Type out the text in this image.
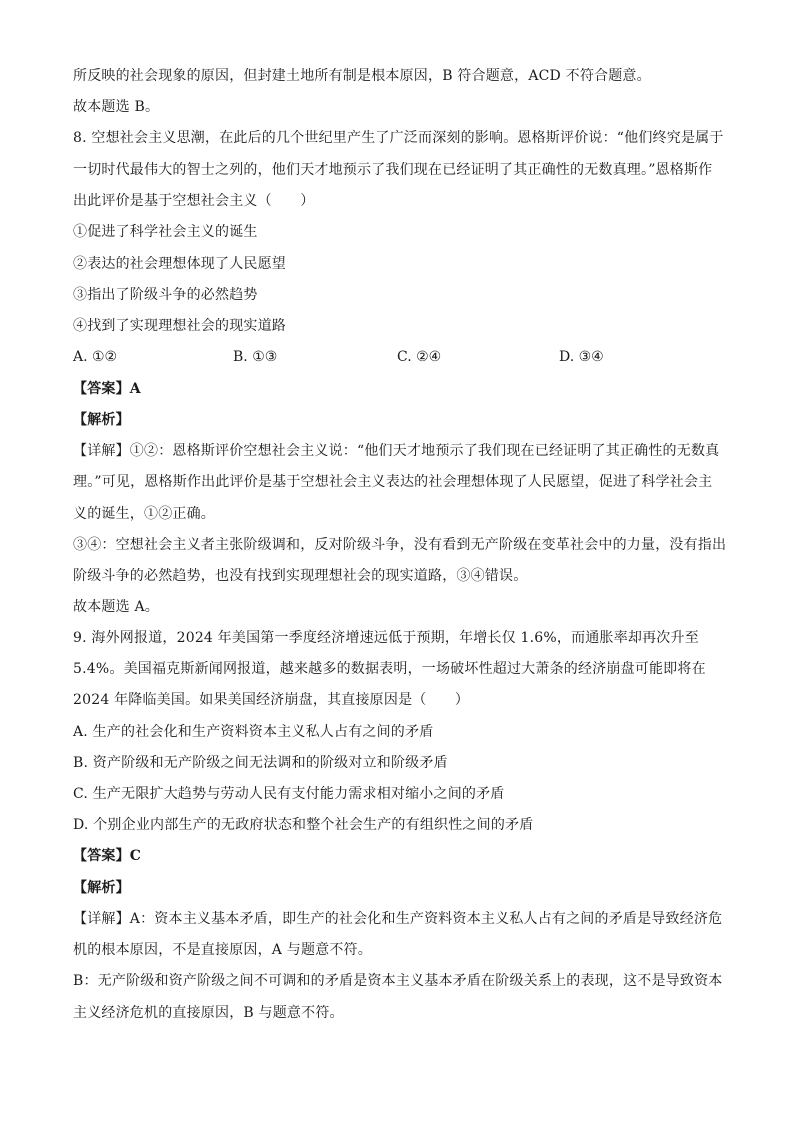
所反映的社会现象的原因，但封建土地所有制是根本原因，B 符合题意，ACD 不符合题意。
故本题选 B。
8. 空想社会主义思潮，在此后的几个世纪里产生了广泛而深刻的影响。恩格斯评价说：“他们终究是属于
一切时代最伟大的智士之列的，他们天才地预示了我们现在已经证明了其正确性的无数真理。”恩格斯作
出此评价是基于空想社会主义（　　）
①促进了科学社会主义的诞生
②表达的社会理想体现了人民愿望
③指出了阶级斗争的必然趋势
④找到了实现理想社会的现实道路
A. ①②	B. ①③	C. ②④	D. ③④
【答案】A
【解析】
【详解】①②：恩格斯评价空想社会主义说：“他们天才地预示了我们现在已经证明了其正确性的无数真
理。”可见，恩格斯作出此评价是基于空想社会主义表达的社会理想体现了人民愿望，促进了科学社会主
义的诞生，①②正确。
③④：空想社会主义者主张阶级调和，反对阶级斗争，没有看到无产阶级在变革社会中的力量，没有指出
阶级斗争的必然趋势，也没有找到实现理想社会的现实道路，③④错误。
故本题选 A。
9. 海外网报道，2024 年美国第一季度经济增速远低于预期，年增长仅 1.6%，而通胀率却再次升至
5.4%。美国福克斯新闻网报道，越来越多的数据表明，一场破坏性超过大萧条的经济崩盘可能即将在
2024 年降临美国。如果美国经济崩盘，其直接原因是（　　）
A. 生产的社会化和生产资料资本主义私人占有之间的矛盾
B. 资产阶级和无产阶级之间无法调和的阶级对立和阶级矛盾
C. 生产无限扩大趋势与劳动人民有支付能力需求相对缩小之间的矛盾
D. 个别企业内部生产的无政府状态和整个社会生产的有组织性之间的矛盾
【答案】C
【解析】
【详解】A：资本主义基本矛盾，即生产的社会化和生产资料资本主义私人占有之间的矛盾是导致经济危
机的根本原因，不是直接原因，A 与题意不符。
B：无产阶级和资产阶级之间不可调和的矛盾是资本主义基本矛盾在阶级关系上的表现，这不是导致资本
主义经济危机的直接原因，B 与题意不符。
